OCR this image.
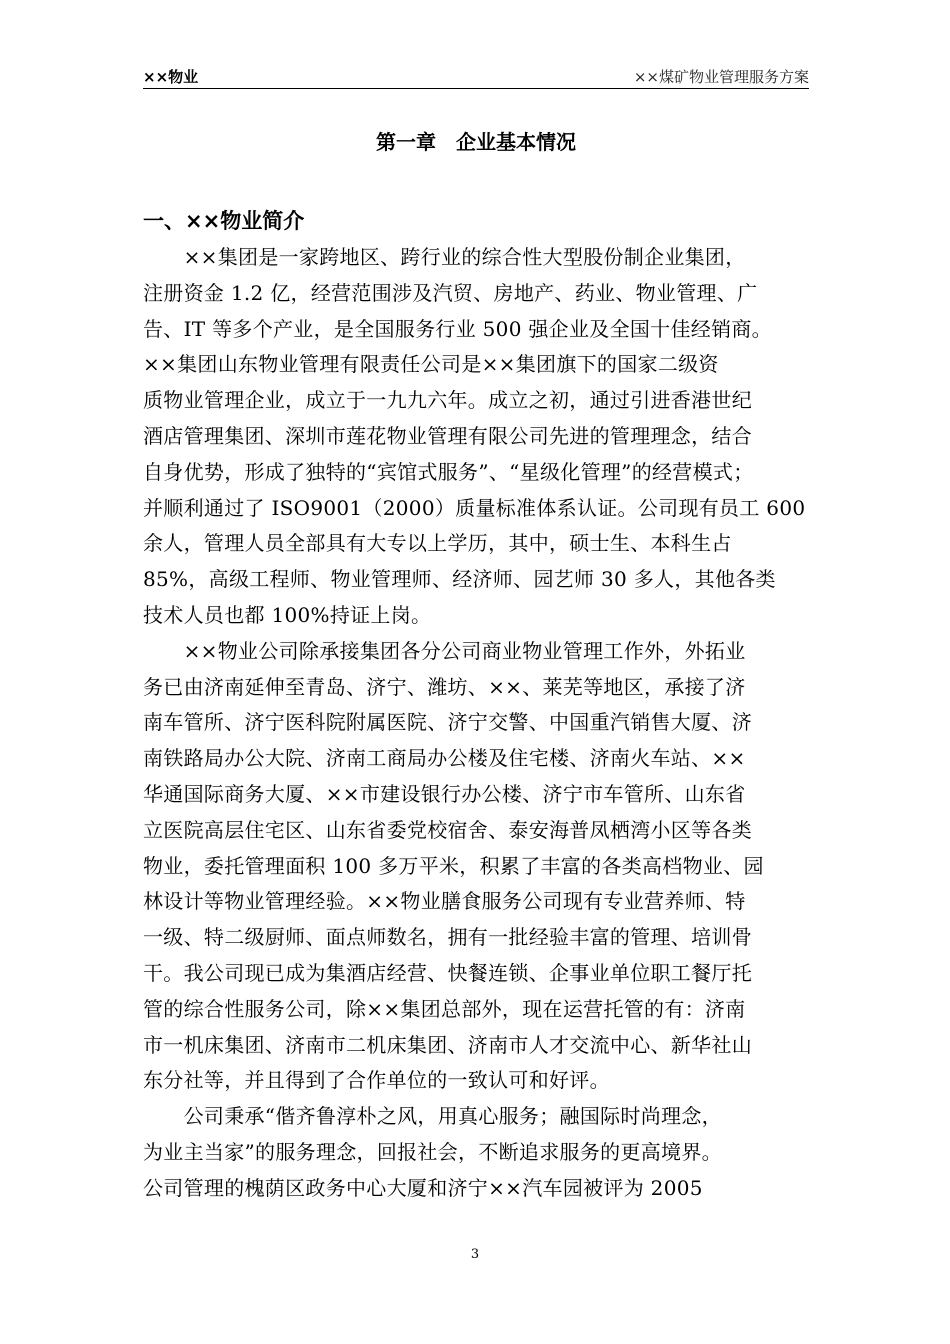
××物业	××煤矿物业管理服务方案
第一章　企业基本情况
一、××物业简介
　　××集团是一家跨地区、跨行业的综合性大型股份制企业集团，
注册资金 1.2 亿，经营范围涉及汽贸、房地产、药业、物业管理、广
告、IT 等多个产业，是全国服务行业 500 强企业及全国十佳经销商。
××集团山东物业管理有限责任公司是××集团旗下的国家二级资
质物业管理企业，成立于一九九六年。成立之初，通过引进香港世纪
酒店管理集团、深圳市莲花物业管理有限公司先进的管理理念，结合
自身优势，形成了独特的“宾馆式服务”、“星级化管理”的经营模式；
并顺利通过了 ISO9001（2000）质量标准体系认证。公司现有员工 600
余人，管理人员全部具有大专以上学历，其中，硕士生、本科生占
85%，高级工程师、物业管理师、经济师、园艺师 30 多人，其他各类
技术人员也都 100%持证上岗。
　　××物业公司除承接集团各分公司商业物业管理工作外，外拓业
务已由济南延伸至青岛、济宁、潍坊、××、莱芜等地区，承接了济
南车管所、济宁医科院附属医院、济宁交警、中国重汽销售大厦、济
南铁路局办公大院、济南工商局办公楼及住宅楼、济南火车站、××
华通国际商务大厦、××市建设银行办公楼、济宁市车管所、山东省
立医院高层住宅区、山东省委党校宿舍、泰安海普凤栖湾小区等各类
物业，委托管理面积 100 多万平米，积累了丰富的各类高档物业、园
林设计等物业管理经验。××物业膳食服务公司现有专业营养师、特
一级、特二级厨师、面点师数名，拥有一批经验丰富的管理、培训骨
干。我公司现已成为集酒店经营、快餐连锁、企事业单位职工餐厅托
管的综合性服务公司，除××集团总部外，现在运营托管的有：济南
市一机床集团、济南市二机床集团、济南市人才交流中心、新华社山
东分社等，并且得到了合作单位的一致认可和好评。
　　公司秉承“偕齐鲁淳朴之风，用真心服务；融国际时尚理念，
为业主当家”的服务理念，回报社会，不断追求服务的更高境界。
公司管理的槐荫区政务中心大厦和济宁××汽车园被评为 2005
3
